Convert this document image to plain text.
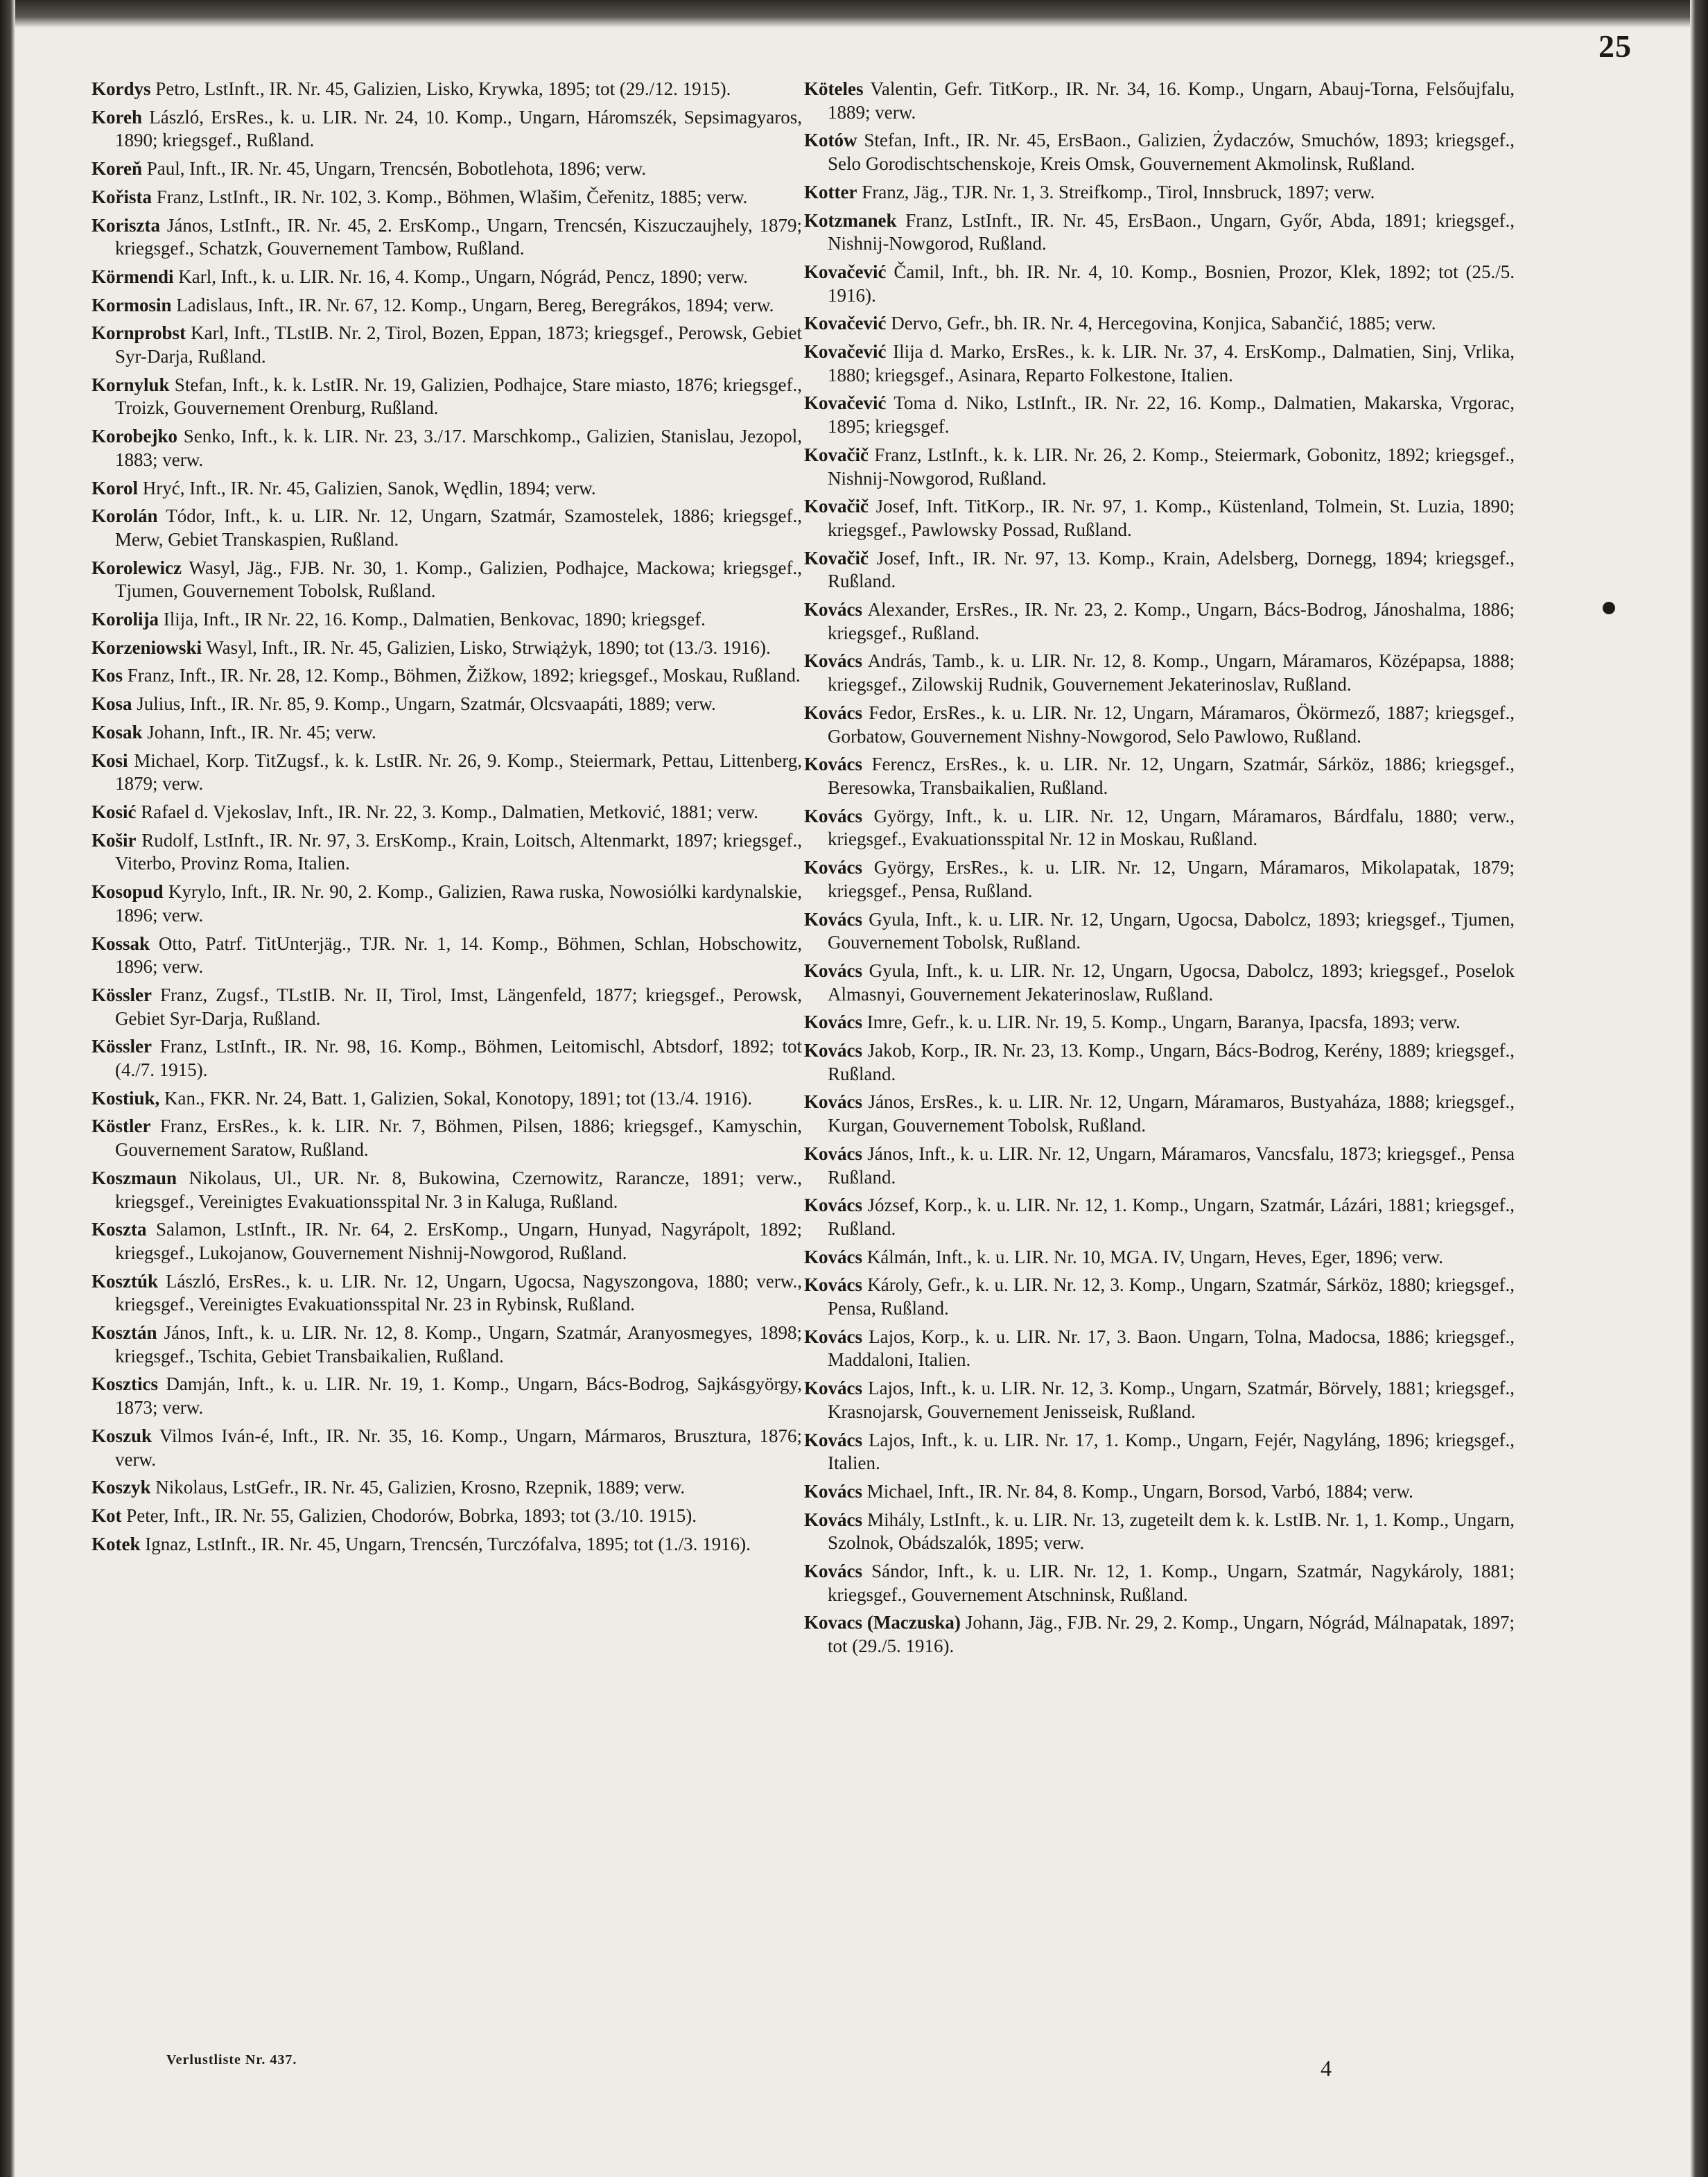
25
Kordys Petro, LstInft., IR. Nr. 45, Galizien, Lisko, Krywka, 1895; tot (29./12. 1915).
Koreh László, ErsRes., k. u. LIR. Nr. 24, 10. Komp., Ungarn, Háromszék, Sepsimagyaros, 1890; kriegsgef., Rußland.
Koreň Paul, Inft., IR. Nr. 45, Ungarn, Trencsén, Bobotlehota, 1896; verw.
Kořista Franz, LstInft., IR. Nr. 102, 3. Komp., Böhmen, Wlašim, Čeřenitz, 1885; verw.
Koriszta János, LstInft., IR. Nr. 45, 2. ErsKomp., Ungarn, Trencsén, Kiszuczaujhely, 1879; kriegsgef., Schatzk, Gouvernement Tambow, Rußland.
Körmendi Karl, Inft., k. u. LIR. Nr. 16, 4. Komp., Ungarn, Nógrád, Pencz, 1890; verw.
Kormosin Ladislaus, Inft., IR. Nr. 67, 12. Komp., Ungarn, Bereg, Beregrákos, 1894; verw.
Kornprobst Karl, Inft., TLstIB. Nr. 2, Tirol, Bozen, Eppan, 1873; kriegsgef., Perowsk, Gebiet Syr-Darja, Rußland.
Kornyluk Stefan, Inft., k. k. LstIR. Nr. 19, Galizien, Podhajce, Stare miasto, 1876; kriegsgef., Troizk, Gouvernement Orenburg, Rußland.
Korobejko Senko, Inft., k. k. LIR. Nr. 23, 3./17. Marschkomp., Galizien, Stanislau, Jezopol, 1883; verw.
Korol Hryć, Inft., IR. Nr. 45, Galizien, Sanok, Wędlin, 1894; verw.
Korolán Tódor, Inft., k. u. LIR. Nr. 12, Ungarn, Szatmár, Szamostelek, 1886; kriegsgef., Merw, Gebiet Transkaspien, Rußland.
Korolewicz Wasyl, Jäg., FJB. Nr. 30, 1. Komp., Galizien, Podhajce, Mackowa; kriegsgef., Tjumen, Gouvernement Tobolsk, Rußland.
Korolija Ilija, Inft., IR Nr. 22, 16. Komp., Dalmatien, Benkovac, 1890; kriegsgef.
Korzeniowski Wasyl, Inft., IR. Nr. 45, Galizien, Lisko, Strwiążyk, 1890; tot (13./3. 1916).
Kos Franz, Inft., IR. Nr. 28, 12. Komp., Böhmen, Žižkow, 1892; kriegsgef., Moskau, Rußland.
Kosa Julius, Inft., IR. Nr. 85, 9. Komp., Ungarn, Szatmár, Olcsvaapáti, 1889; verw.
Kosak Johann, Inft., IR. Nr. 45; verw.
Kosi Michael, Korp. TitZugsf., k. k. LstIR. Nr. 26, 9. Komp., Steiermark, Pettau, Littenberg, 1879; verw.
Kosić Rafael d. Vjekoslav, Inft., IR. Nr. 22, 3. Komp., Dalmatien, Metković, 1881; verw.
Košir Rudolf, LstInft., IR. Nr. 97, 3. ErsKomp., Krain, Loitsch, Altenmarkt, 1897; kriegsgef., Viterbo, Provinz Roma, Italien.
Kosopud Kyrylo, Inft., IR. Nr. 90, 2. Komp., Galizien, Rawa ruska, Nowosiólki kardynalskie, 1896; verw.
Kossak Otto, Patrf. TitUnterjäg., TJR. Nr. 1, 14. Komp., Böhmen, Schlan, Hobschowitz, 1896; verw.
Kössler Franz, Zugsf., TLstIB. Nr. II, Tirol, Imst, Längenfeld, 1877; kriegsgef., Perowsk, Gebiet Syr-Darja, Rußland.
Kössler Franz, LstInft., IR. Nr. 98, 16. Komp., Böhmen, Leitomischl, Abtsdorf, 1892; tot (4./7. 1915).
Kostiuk, Kan., FKR. Nr. 24, Batt. 1, Galizien, Sokal, Konotopy, 1891; tot (13./4. 1916).
Köstler Franz, ErsRes., k. k. LIR. Nr. 7, Böhmen, Pilsen, 1886; kriegsgef., Kamyschin, Gouvernement Saratow, Rußland.
Koszmaun Nikolaus, Ul., UR. Nr. 8, Bukowina, Czernowitz, Rarancze, 1891; verw., kriegsgef., Vereinigtes Evakuationsspital Nr. 3 in Kaluga, Rußland.
Koszta Salamon, LstInft., IR. Nr. 64, 2. ErsKomp., Ungarn, Hunyad, Nagyrápolt, 1892; kriegsgef., Lukojanow, Gouvernement Nishnij-Nowgorod, Rußland.
Kosztúk László, ErsRes., k. u. LIR. Nr. 12, Ungarn, Ugocsa, Nagyszongova, 1880; verw., kriegsgef., Vereinigtes Evakuationsspital Nr. 23 in Rybinsk, Rußland.
Kosztán János, Inft., k. u. LIR. Nr. 12, 8. Komp., Ungarn, Szatmár, Aranyosmegyes, 1898; kriegsgef., Tschita, Gebiet Transbaikalien, Rußland.
Kosztics Damján, Inft., k. u. LIR. Nr. 19, 1. Komp., Ungarn, Bács-Bodrog, Sajkásgyörgy, 1873; verw.
Koszuk Vilmos Iván-é, Inft., IR. Nr. 35, 16. Komp., Ungarn, Mármaros, Brusztura, 1876; verw.
Koszyk Nikolaus, LstGefr., IR. Nr. 45, Galizien, Krosno, Rzepnik, 1889; verw.
Kot Peter, Inft., IR. Nr. 55, Galizien, Chodorów, Bobrka, 1893; tot (3./10. 1915).
Kotek Ignaz, LstInft., IR. Nr. 45, Ungarn, Trencsén, Turczófalva, 1895; tot (1./3. 1916).
Köteles Valentin, Gefr. TitKorp., IR. Nr. 34, 16. Komp., Ungarn, Abauj-Torna, Felsőujfalu, 1889; verw.
Kotów Stefan, Inft., IR. Nr. 45, ErsBaon., Galizien, Żydaczów, Smuchów, 1893; kriegsgef., Selo Gorodischtschenskoje, Kreis Omsk, Gouvernement Akmolinsk, Rußland.
Kotter Franz, Jäg., TJR. Nr. 1, 3. Streifkomp., Tirol, Innsbruck, 1897; verw.
Kotzmanek Franz, LstInft., IR. Nr. 45, ErsBaon., Ungarn, Győr, Abda, 1891; kriegsgef., Nishnij-Nowgorod, Rußland.
Kovačević Čamil, Inft., bh. IR. Nr. 4, 10. Komp., Bosnien, Prozor, Klek, 1892; tot (25./5. 1916).
Kovačević Dervo, Gefr., bh. IR. Nr. 4, Hercegovina, Konjica, Sabančić, 1885; verw.
Kovačević Ilija d. Marko, ErsRes., k. k. LIR. Nr. 37, 4. ErsKomp., Dalmatien, Sinj, Vrlika, 1880; kriegsgef., Asinara, Reparto Folkestone, Italien.
Kovačević Toma d. Niko, LstInft., IR. Nr. 22, 16. Komp., Dalmatien, Makarska, Vrgorac, 1895; kriegsgef.
Kovačič Franz, LstInft., k. k. LIR. Nr. 26, 2. Komp., Steiermark, Gobonitz, 1892; kriegsgef., Nishnij-Nowgorod, Rußland.
Kovačič Josef, Inft. TitKorp., IR. Nr. 97, 1. Komp., Küstenland, Tolmein, St. Luzia, 1890; kriegsgef., Pawlowsky Possad, Rußland.
Kovačič Josef, Inft., IR. Nr. 97, 13. Komp., Krain, Adelsberg, Dornegg, 1894; kriegsgef., Rußland.
Kovács Alexander, ErsRes., IR. Nr. 23, 2. Komp., Ungarn, Bács-Bodrog, Jánoshalma, 1886; kriegsgef., Rußland.
Kovács András, Tamb., k. u. LIR. Nr. 12, 8. Komp., Ungarn, Máramaros, Középapsa, 1888; kriegsgef., Zilowskij Rudnik, Gouvernement Jekaterinoslav, Rußland.
Kovács Fedor, ErsRes., k. u. LIR. Nr. 12, Ungarn, Máramaros, Ökörmező, 1887; kriegsgef., Gorbatow, Gouvernement Nishny-Nowgorod, Selo Pawlowo, Rußland.
Kovács Ferencz, ErsRes., k. u. LIR. Nr. 12, Ungarn, Szatmár, Sárköz, 1886; kriegsgef., Beresowka, Transbaikalien, Rußland.
Kovács György, Inft., k. u. LIR. Nr. 12, Ungarn, Máramaros, Bárdfalu, 1880; verw., kriegsgef., Evakuationsspital Nr. 12 in Moskau, Rußland.
Kovács György, ErsRes., k. u. LIR. Nr. 12, Ungarn, Máramaros, Mikolapatak, 1879; kriegsgef., Pensa, Rußland.
Kovács Gyula, Inft., k. u. LIR. Nr. 12, Ungarn, Ugocsa, Dabolcz, 1893; kriegsgef., Tjumen, Gouvernement Tobolsk, Rußland.
Kovács Gyula, Inft., k. u. LIR. Nr. 12, Ungarn, Ugocsa, Dabolcz, 1893; kriegsgef., Poselok Almasnyi, Gouvernement Jekaterinoslaw, Rußland.
Kovács Imre, Gefr., k. u. LIR. Nr. 19, 5. Komp., Ungarn, Baranya, Ipacsfa, 1893; verw.
Kovács Jakob, Korp., IR. Nr. 23, 13. Komp., Ungarn, Bács-Bodrog, Kerény, 1889; kriegsgef., Rußland.
Kovács János, ErsRes., k. u. LIR. Nr. 12, Ungarn, Máramaros, Bustyaháza, 1888; kriegsgef., Kurgan, Gouvernement Tobolsk, Rußland.
Kovács János, Inft., k. u. LIR. Nr. 12, Ungarn, Máramaros, Vancsfalu, 1873; kriegsgef., Pensa Rußland.
Kovács József, Korp., k. u. LIR. Nr. 12, 1. Komp., Ungarn, Szatmár, Lázári, 1881; kriegsgef., Rußland.
Kovács Kálmán, Inft., k. u. LIR. Nr. 10, MGA. IV, Ungarn, Heves, Eger, 1896; verw.
Kovács Károly, Gefr., k. u. LIR. Nr. 12, 3. Komp., Ungarn, Szatmár, Sárköz, 1880; kriegsgef., Pensa, Rußland.
Kovács Lajos, Korp., k. u. LIR. Nr. 17, 3. Baon. Ungarn, Tolna, Madocsa, 1886; kriegsgef., Maddaloni, Italien.
Kovács Lajos, Inft., k. u. LIR. Nr. 12, 3. Komp., Ungarn, Szatmár, Börvely, 1881; kriegsgef., Krasnojarsk, Gouvernement Jenisseisk, Rußland.
Kovács Lajos, Inft., k. u. LIR. Nr. 17, 1. Komp., Ungarn, Fejér, Nagyláng, 1896; kriegsgef., Italien.
Kovács Michael, Inft., IR. Nr. 84, 8. Komp., Ungarn, Borsod, Varbó, 1884; verw.
Kovács Mihály, LstInft., k. u. LIR. Nr. 13, zugeteilt dem k. k. LstIB. Nr. 1, 1. Komp., Ungarn, Szolnok, Obádszalók, 1895; verw.
Kovács Sándor, Inft., k. u. LIR. Nr. 12, 1. Komp., Ungarn, Szatmár, Nagykároly, 1881; kriegsgef., Gouvernement Atschninsk, Rußland.
Kovacs (Maczuska) Johann, Jäg., FJB. Nr. 29, 2. Komp., Ungarn, Nógrád, Málnapatak, 1897; tot (29./5. 1916).
Verlustliste Nr. 437.	4
